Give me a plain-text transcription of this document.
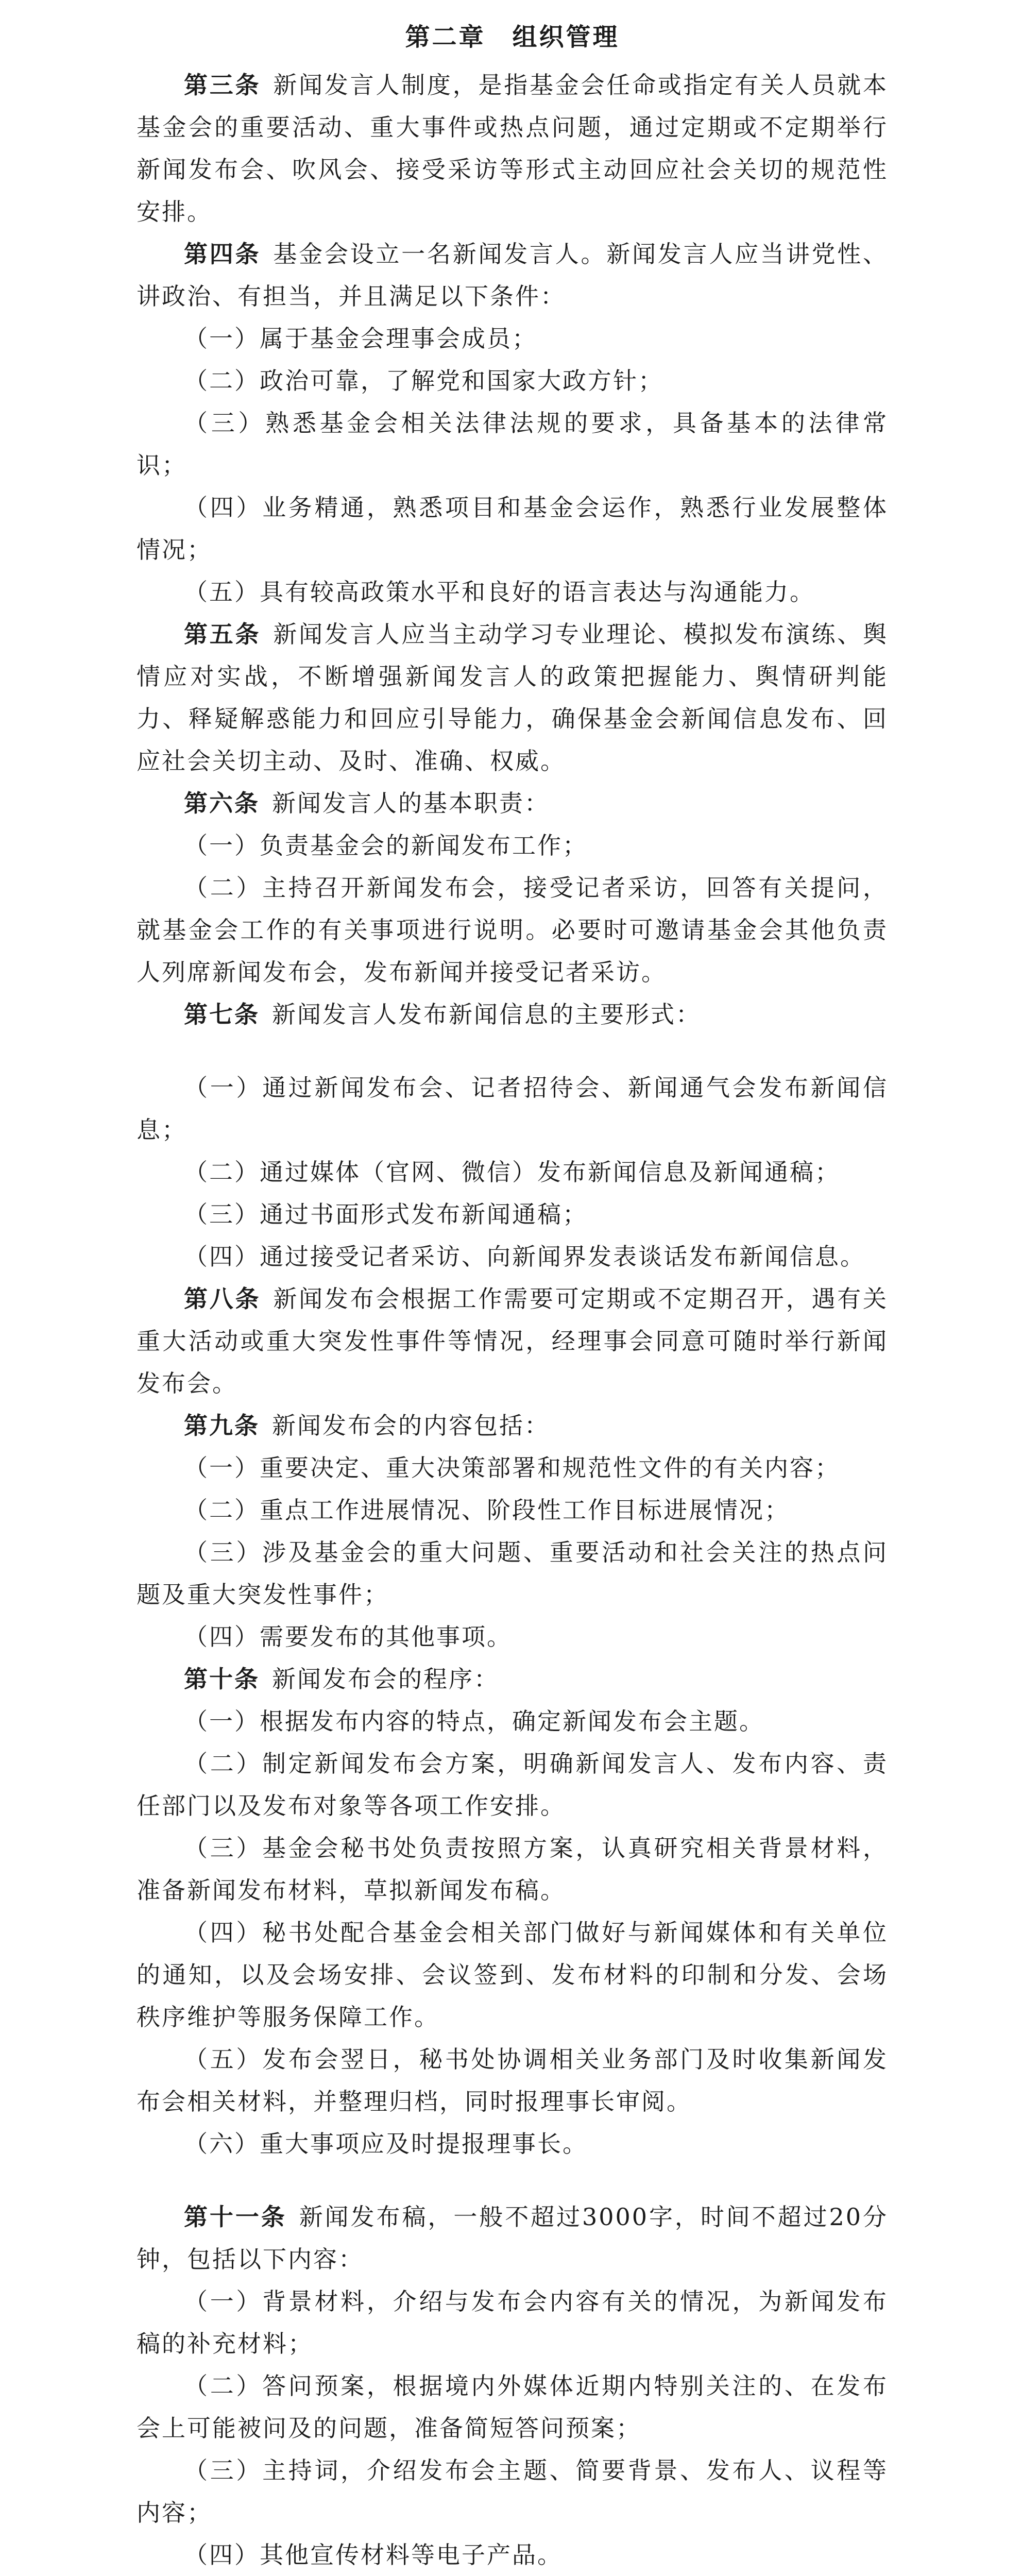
第二章　组织管理

第三条 新闻发言人制度，是指基金会任命或指定有关人员就本基金会的重要活动、重大事件或热点问题，通过定期或不定期举行新闻发布会、吹风会、接受采访等形式主动回应社会关切的规范性安排。

第四条 基金会设立一名新闻发言人。新闻发言人应当讲党性、讲政治、有担当，并且满足以下条件：

（一）属于基金会理事会成员；

（二）政治可靠，了解党和国家大政方针；

（三）熟悉基金会相关法律法规的要求，具备基本的法律常识；

（四）业务精通，熟悉项目和基金会运作，熟悉行业发展整体情况；

（五）具有较高政策水平和良好的语言表达与沟通能力。

第五条 新闻发言人应当主动学习专业理论、模拟发布演练、舆情应对实战，不断增强新闻发言人的政策把握能力、舆情研判能力、释疑解惑能力和回应引导能力，确保基金会新闻信息发布、回应社会关切主动、及时、准确、权威。

第六条 新闻发言人的基本职责：

（一）负责基金会的新闻发布工作；

（二）主持召开新闻发布会，接受记者采访，回答有关提问，就基金会工作的有关事项进行说明。必要时可邀请基金会其他负责人列席新闻发布会，发布新闻并接受记者采访。

第七条 新闻发言人发布新闻信息的主要形式：

（一）通过新闻发布会、记者招待会、新闻通气会发布新闻信息；

（二）通过媒体（官网、微信）发布新闻信息及新闻通稿；

（三）通过书面形式发布新闻通稿；

（四）通过接受记者采访、向新闻界发表谈话发布新闻信息。

第八条 新闻发布会根据工作需要可定期或不定期召开，遇有关重大活动或重大突发性事件等情况，经理事会同意可随时举行新闻发布会。

第九条 新闻发布会的内容包括：

（一）重要决定、重大决策部署和规范性文件的有关内容；

（二）重点工作进展情况、阶段性工作目标进展情况；

（三）涉及基金会的重大问题、重要活动和社会关注的热点问题及重大突发性事件；

（四）需要发布的其他事项。

第十条 新闻发布会的程序：

（一）根据发布内容的特点，确定新闻发布会主题。

（二）制定新闻发布会方案，明确新闻发言人、发布内容、责任部门以及发布对象等各项工作安排。

（三）基金会秘书处负责按照方案，认真研究相关背景材料，准备新闻发布材料，草拟新闻发布稿。

（四）秘书处配合基金会相关部门做好与新闻媒体和有关单位的通知，以及会场安排、会议签到、发布材料的印制和分发、会场秩序维护等服务保障工作。

（五）发布会翌日，秘书处协调相关业务部门及时收集新闻发布会相关材料，并整理归档，同时报理事长审阅。

（六）重大事项应及时提报理事长。

第十一条 新闻发布稿，一般不超过3000字，时间不超过20分钟，包括以下内容：

（一）背景材料，介绍与发布会内容有关的情况，为新闻发布稿的补充材料；

（二）答问预案，根据境内外媒体近期内特别关注的、在发布会上可能被问及的问题，准备简短答问预案；

（三）主持词，介绍发布会主题、简要背景、发布人、议程等内容；

（四）其他宣传材料等电子产品。
